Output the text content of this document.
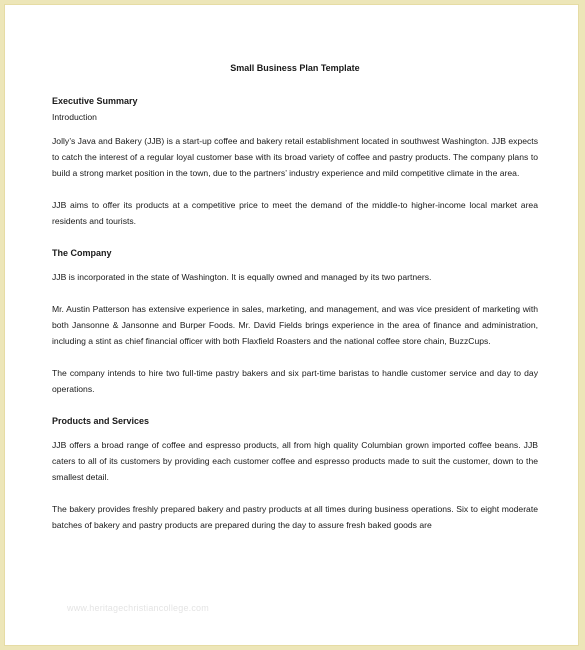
Small Business Plan Template
Executive Summary
Introduction

Jolly’s Java and Bakery (JJB) is a start-up coffee and bakery retail establishment located in southwest Washington. JJB expects to catch the interest of a regular loyal customer base with its broad variety of coffee and pastry products. The company plans to build a strong market position in the town, due to the partners’ industry experience and mild competitive climate in the area.

JJB aims to offer its products at a competitive price to meet the demand of the middle-to higher-income local market area residents and tourists.

The Company

JJB is incorporated in the state of Washington. It is equally owned and managed by its two partners.

Mr. Austin Patterson has extensive experience in sales, marketing, and management, and was vice president of marketing with both Jansonne & Jansonne and Burper Foods. Mr. David Fields brings experience in the area of finance and administration, including a stint as chief financial officer with both Flaxfield Roasters and the national coffee store chain, BuzzCups.

The company intends to hire two full-time pastry bakers and six part-time baristas to handle customer service and day to day operations.

Products and Services

JJB offers a broad range of coffee and espresso products, all from high quality Columbian grown imported coffee beans. JJB caters to all of its customers by providing each customer coffee and espresso products made to suit the customer, down to the smallest detail.

The bakery provides freshly prepared bakery and pastry products at all times during business operations. Six to eight moderate batches of bakery and pastry products are prepared during the day to assure fresh baked goods are

www.heritagechristiancollege.com
